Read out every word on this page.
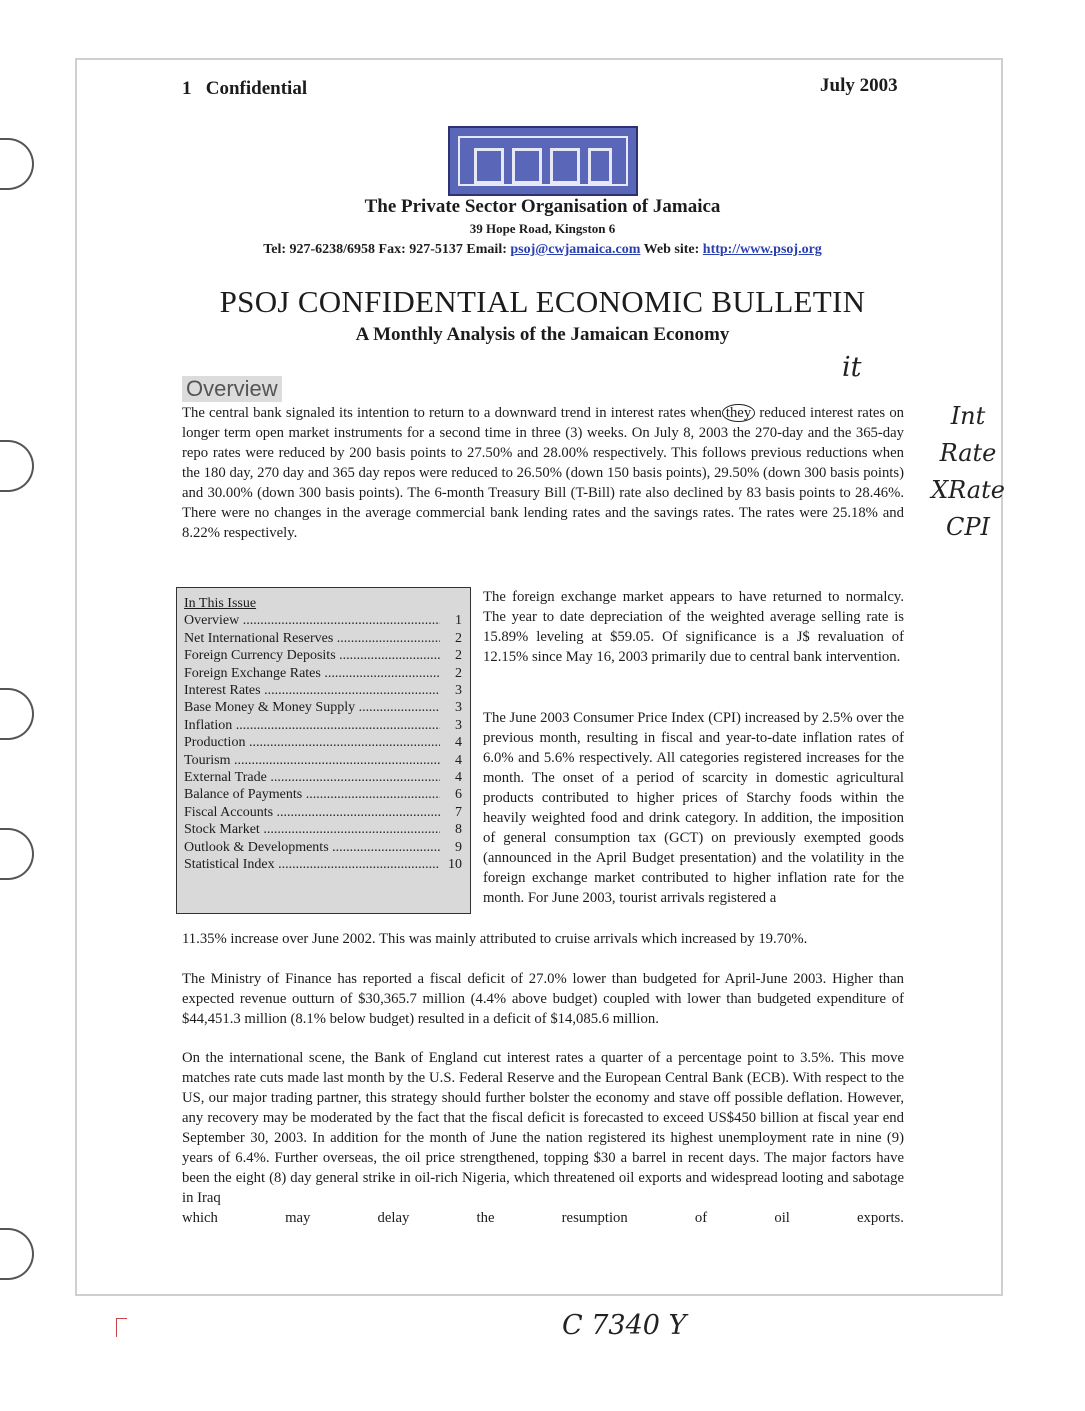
1 Confidential	July 2003
The Private Sector Organisation of Jamaica
39 Hope Road, Kingston 6
Tel: 927-6238/6958 Fax: 927-5137 Email: psoj@cwjamaica.com Web site: http://www.psoj.org
PSOJ CONFIDENTIAL ECONOMIC BULLETIN
A Monthly Analysis of the Jamaican Economy
it
Overview
The central bank signaled its intention to return to a downward trend in interest rates when they reduced interest rates on longer term open market instruments for a second time in three (3) weeks. On July 8, 2003 the 270-day and the 365-day repo rates were reduced by 200 basis points to 27.50% and 28.00% respectively. This follows previous reductions when the 180 day, 270 day and 365 day repos were reduced to 26.50% (down 150 basis points), 29.50% (down 300 basis points) and 30.00% (down 300 basis points). The 6-month Treasury Bill (T-Bill) rate also declined by 83 basis points to 28.46%. There were no changes in the average commercial bank lending rates and the savings rates. The rates were 25.18% and 8.22% respectively.
Int Rate
XRate
CPI
In This Issue
Overview .....	1
Net International Reserves .....	2
Foreign Currency Deposits .....	2
Foreign Exchange Rates .....	2
Interest Rates .....	3
Base Money & Money Supply .....	3
Inflation .....	3
Production .....	4
Tourism .....	4
External Trade .....	4
Balance of Payments .....	6
Fiscal Accounts .....	7
Stock Market .....	8
Outlook & Developments .....	9
Statistical Index .....	10
The foreign exchange market appears to have returned to normalcy. The year to date depreciation of the weighted average selling rate is 15.89% leveling at $59.05. Of significance is a J$ revaluation of 12.15% since May 16, 2003 primarily due to central bank intervention.
The June 2003 Consumer Price Index (CPI) increased by 2.5% over the previous month, resulting in fiscal and year-to-date inflation rates of 6.0% and 5.6% respectively. All categories registered increases for the month. The onset of a period of scarcity in domestic agricultural products contributed to higher prices of Starchy foods within the heavily weighted food and drink category. In addition, the imposition of general consumption tax (GCT) on previously exempted goods (announced in the April Budget presentation) and the volatility in the foreign exchange market contributed to higher inflation rate for the month. For June 2003, tourist arrivals registered a
11.35% increase over June 2002. This was mainly attributed to cruise arrivals which increased by 19.70%.
The Ministry of Finance has reported a fiscal deficit of 27.0% lower than budgeted for April-June 2003. Higher than expected revenue outturn of $30,365.7 million (4.4% above budget) coupled with lower than budgeted expenditure of $44,451.3 million (8.1% below budget) resulted in a deficit of $14,085.6 million.
On the international scene, the Bank of England cut interest rates a quarter of a percentage point to 3.5%. This move matches rate cuts made last month by the U.S. Federal Reserve and the European Central Bank (ECB). With respect to the US, our major trading partner, this strategy should further bolster the economy and stave off possible deflation. However, any recovery may be moderated by the fact that the fiscal deficit is forecasted to exceed US$450 billion at fiscal year end September 30, 2003. In addition for the month of June the nation registered its highest unemployment rate in nine (9) years of 6.4%. Further overseas, the oil price strengthened, topping $30 a barrel in recent days. The major factors have been the eight (8) day general strike in oil-rich Nigeria, which threatened oil exports and widespread looting and sabotage in Iraq
which	may	delay	the	resumption	of	oil	exports.
C 7340 Y
